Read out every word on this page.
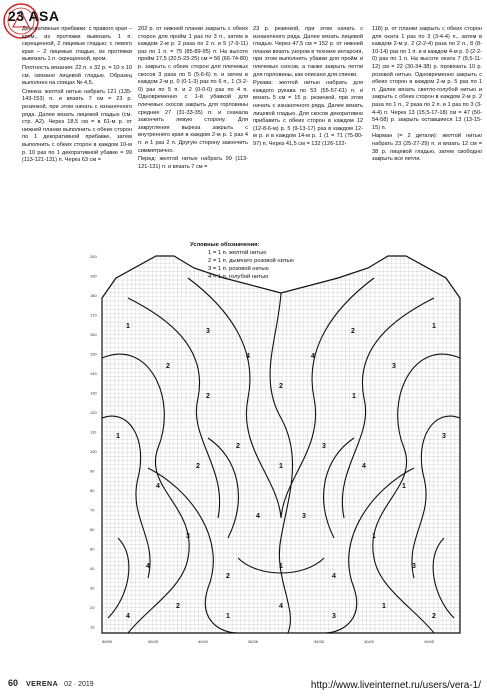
23 ASA

Декоративные прибавки: с правого края – кром., из протяжки вывязать 1 п. скрещенной, 2 лицевые гладью; с левого края – 2 лицевые гладью, из протяжки вывязать 1 п. скрещенной, кром.

Плотность вязания: 22 п. х 32 р. = 10 х 10 см, связано лицевой гладью. Образец выполнен на спицах № 4,5.

Спинка: желтой нитью набрать 121 (135-143-153) п. и вязать 7 см = 23 р. резинкой, при этом начать с изнаночного ряда. Далее вязать лицевой гладью (см. стр. А2). Через 18,5 см = в 61-м р. от нижней планки выполнить с обеих сторон по 1 декоративной прибавке, затем выполнить с обеих сторон в каждом 10-м р. 10 раз по 1 декоративной убавке = 99 (113-121-131) п. Через 63 см =

202 р. от нижней планки закрыть с обеих сторон для пройм 1 раз по 3 п., затем в каждом 2-м р. 2 раза по 2 п. и 5 (7-9-11) раз по 1 п. = 75 (85-89-95) п. На высоте пройм 17,5 (20,5-23-25) см = 56 (66-74-80) р. закрыть с обеих сторон для плечевых скосов 3 раза по 5 (5-6-6) п. и затем в каждом 2-м р. 0 (0-1-3) раз по 6 п., 1 (3-2-0) раз по 5 п. и 2 (0-0-0) раз по 4 п. Одновременно с 1-й убавкой для плечевых скосов закрыть для горловины средние 27 (31-33-35) п. и сначала закончить левую сторону. Для закругления выреза закрыть с внутреннего края в каждом 2-м р. 1 раз 4 п. и 1 раз 2 п. Другую сторону закончить симметрично.

Перед: желтой нитью набрать 99 (113-121-131) п. и вязать 7 см =

23 р. резинкой, при этом начать с изнаночного ряда. Далее вязать лицевой гладью. Через 47,5 см = 152 р. от нижней планки вязать узором в технике интарсия, при этом выполнить убавки для пройм и плечевых скосов, а также закрыть петли для горловины, как описано для спинки.

Рукава: желтой нитью набрать для каждого рукава по 53 (55-57-61) п. и вязать 5 см = 15 р. резинкой, при этом начать с изнаночного ряда. Далее вязать лицевой гладью. Для скосов декоративно прибавить с обеих сторон в каждом 12 (12-8-6-м) р. 5 (9-13-17) раз в каждом 12-м р. и в каждом 14-м р. 1 (1 = 71 (75-80-97) п. Через 41,5 см = 132 (126-122-

118) р. от планки закрыть с обеих сторон для оката 1 раз по 3 (3-4-4) п., затем в каждом 2-м р. 2 (2-2-4) раза по 2 п., 8 (8-10-14) раз по 1 п. и в каждом 4-м р. 0 (2-2-0) раз по 1 п. На высоте оката 7 (9,5-11-12) см = 22 (30-34-38) р. провязать 10 р. розовой нитью. Одновременно закрыть с обеих сторон в каждом 2-м р. 5 раз по 1 п. Далее вязать светло-голубой нитью и закрыть с обеих сторон в каждом 2-м р. 2 раза по 1 п., 2 раза по 2 п. и 1 раз по 3 (3-4-4) п. Через 13 (15,5-17-18) см = 47 (50-54-58) р. закрыть оставшиеся 13 (13-15-15) п.

Нарман (= 2 детали): желтой нитью набрать 23 (25-27-29) п. и вязать 12 см = 38 р. лицевой гладью, затем свободно закрыть все петли.

1
2
3
4	4
2
3
1
1
4
2
2	3
4
1
3
2
1
4
3
2
1
4
1
3
4
2
1
4
3
1
2
4	3
2	1
200
190
180
170
160
150
140
130
120
110
100
90
80
70
60
50
40
30
20
10
56/55	49/45	40/40	36/36	36/35	40/40	49/45
Условные обозначения:
1 = 1 п. желтой нитью
2 = 1 п. дымчато розовой нитью
3 = 1 п. розовой нитью
4 = 1 п. голубой нитью
60 VERENA 02 · 2019	http://www.liveinternet.ru/users/vera-1/
